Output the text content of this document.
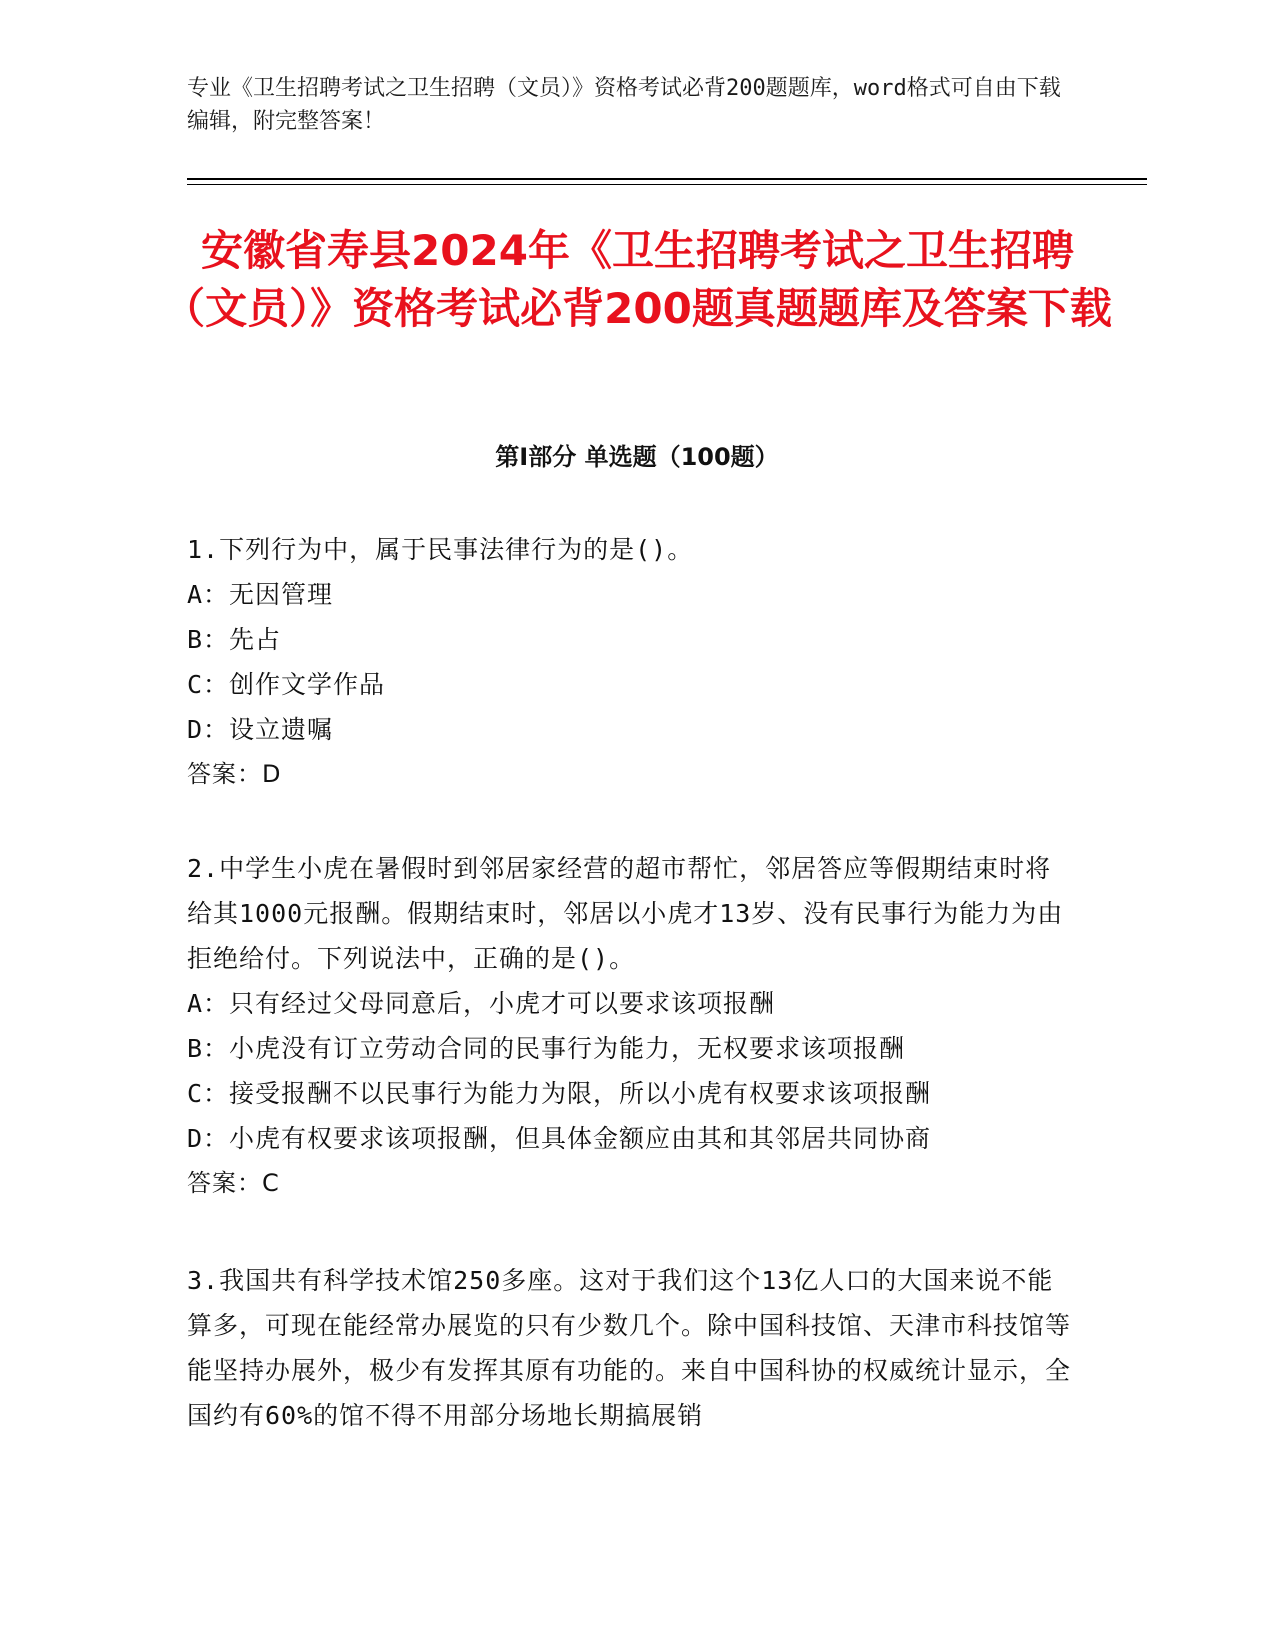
专业《卫生招聘考试之卫生招聘（文员）》资格考试必背200题题库，word格式可自由下载编辑，附完整答案！
安徽省寿县2024年《卫生招聘考试之卫生招聘（文员）》资格考试必背200题真题题库及答案下载
第Ⅰ部分 单选题（100题）

1.下列行为中，属于民事法律行为的是()。

A：无因管理

B：先占

C：创作文学作品

D：设立遗嘱

答案：D

2.中学生小虎在暑假时到邻居家经营的超市帮忙，邻居答应等假期结束时将给其1000元报酬。假期结束时，邻居以小虎才13岁、没有民事行为能力为由拒绝给付。下列说法中，正确的是()。

A：只有经过父母同意后，小虎才可以要求该项报酬

B：小虎没有订立劳动合同的民事行为能力，无权要求该项报酬

C：接受报酬不以民事行为能力为限，所以小虎有权要求该项报酬

D：小虎有权要求该项报酬，但具体金额应由其和其邻居共同协商

答案：C

3.我国共有科学技术馆250多座。这对于我们这个13亿人口的大国来说不能算多，可现在能经常办展览的只有少数几个。除中国科技馆、天津市科技馆等能坚持办展外，极少有发挥其原有功能的。来自中国科协的权威统计显示，全国约有60%的馆不得不用部分场地长期搞展销
